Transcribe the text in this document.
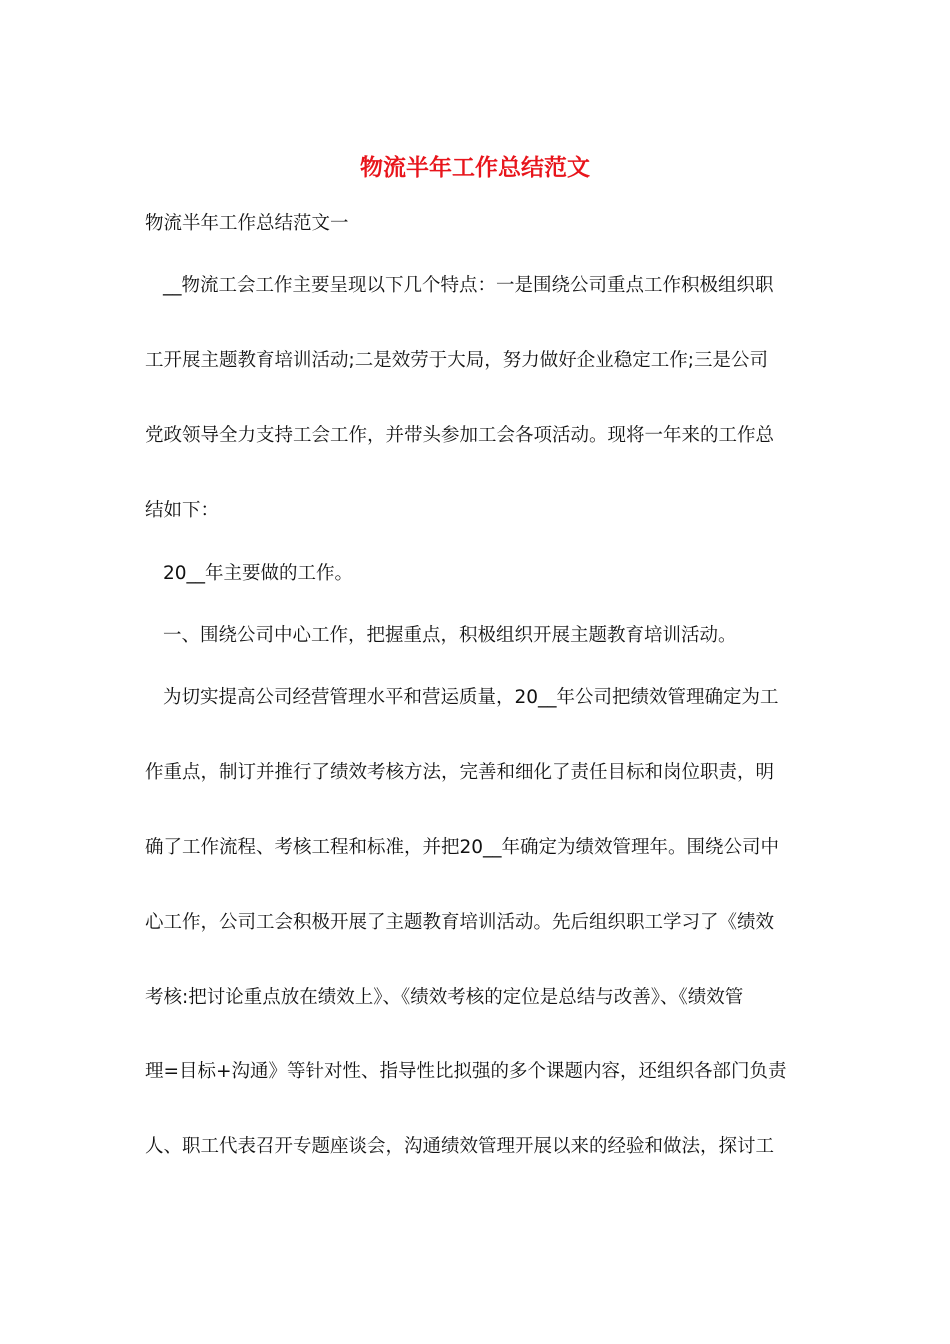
物流半年工作总结范文

物流半年工作总结范文一

__物流工会工作主要呈现以下几个特点：一是围绕公司重点工作积极组织职

工开展主题教育培训活动;二是效劳于大局，努力做好企业稳定工作;三是公司

党政领导全力支持工会工作，并带头参加工会各项活动。现将一年来的工作总

结如下：

20__年主要做的工作。

一、围绕公司中心工作，把握重点，积极组织开展主题教育培训活动。

为切实提高公司经营管理水平和营运质量，20__年公司把绩效管理确定为工

作重点，制订并推行了绩效考核方法，完善和细化了责任目标和岗位职责，明

确了工作流程、考核工程和标准，并把20__年确定为绩效管理年。围绕公司中

心工作，公司工会积极开展了主题教育培训活动。先后组织职工学习了《绩效

考核:把讨论重点放在绩效上》、《绩效考核的定位是总结与改善》、《绩效管

理=目标+沟通》等针对性、指导性比拟强的多个课题内容，还组织各部门负责

人、职工代表召开专题座谈会，沟通绩效管理开展以来的经验和做法，探讨工
